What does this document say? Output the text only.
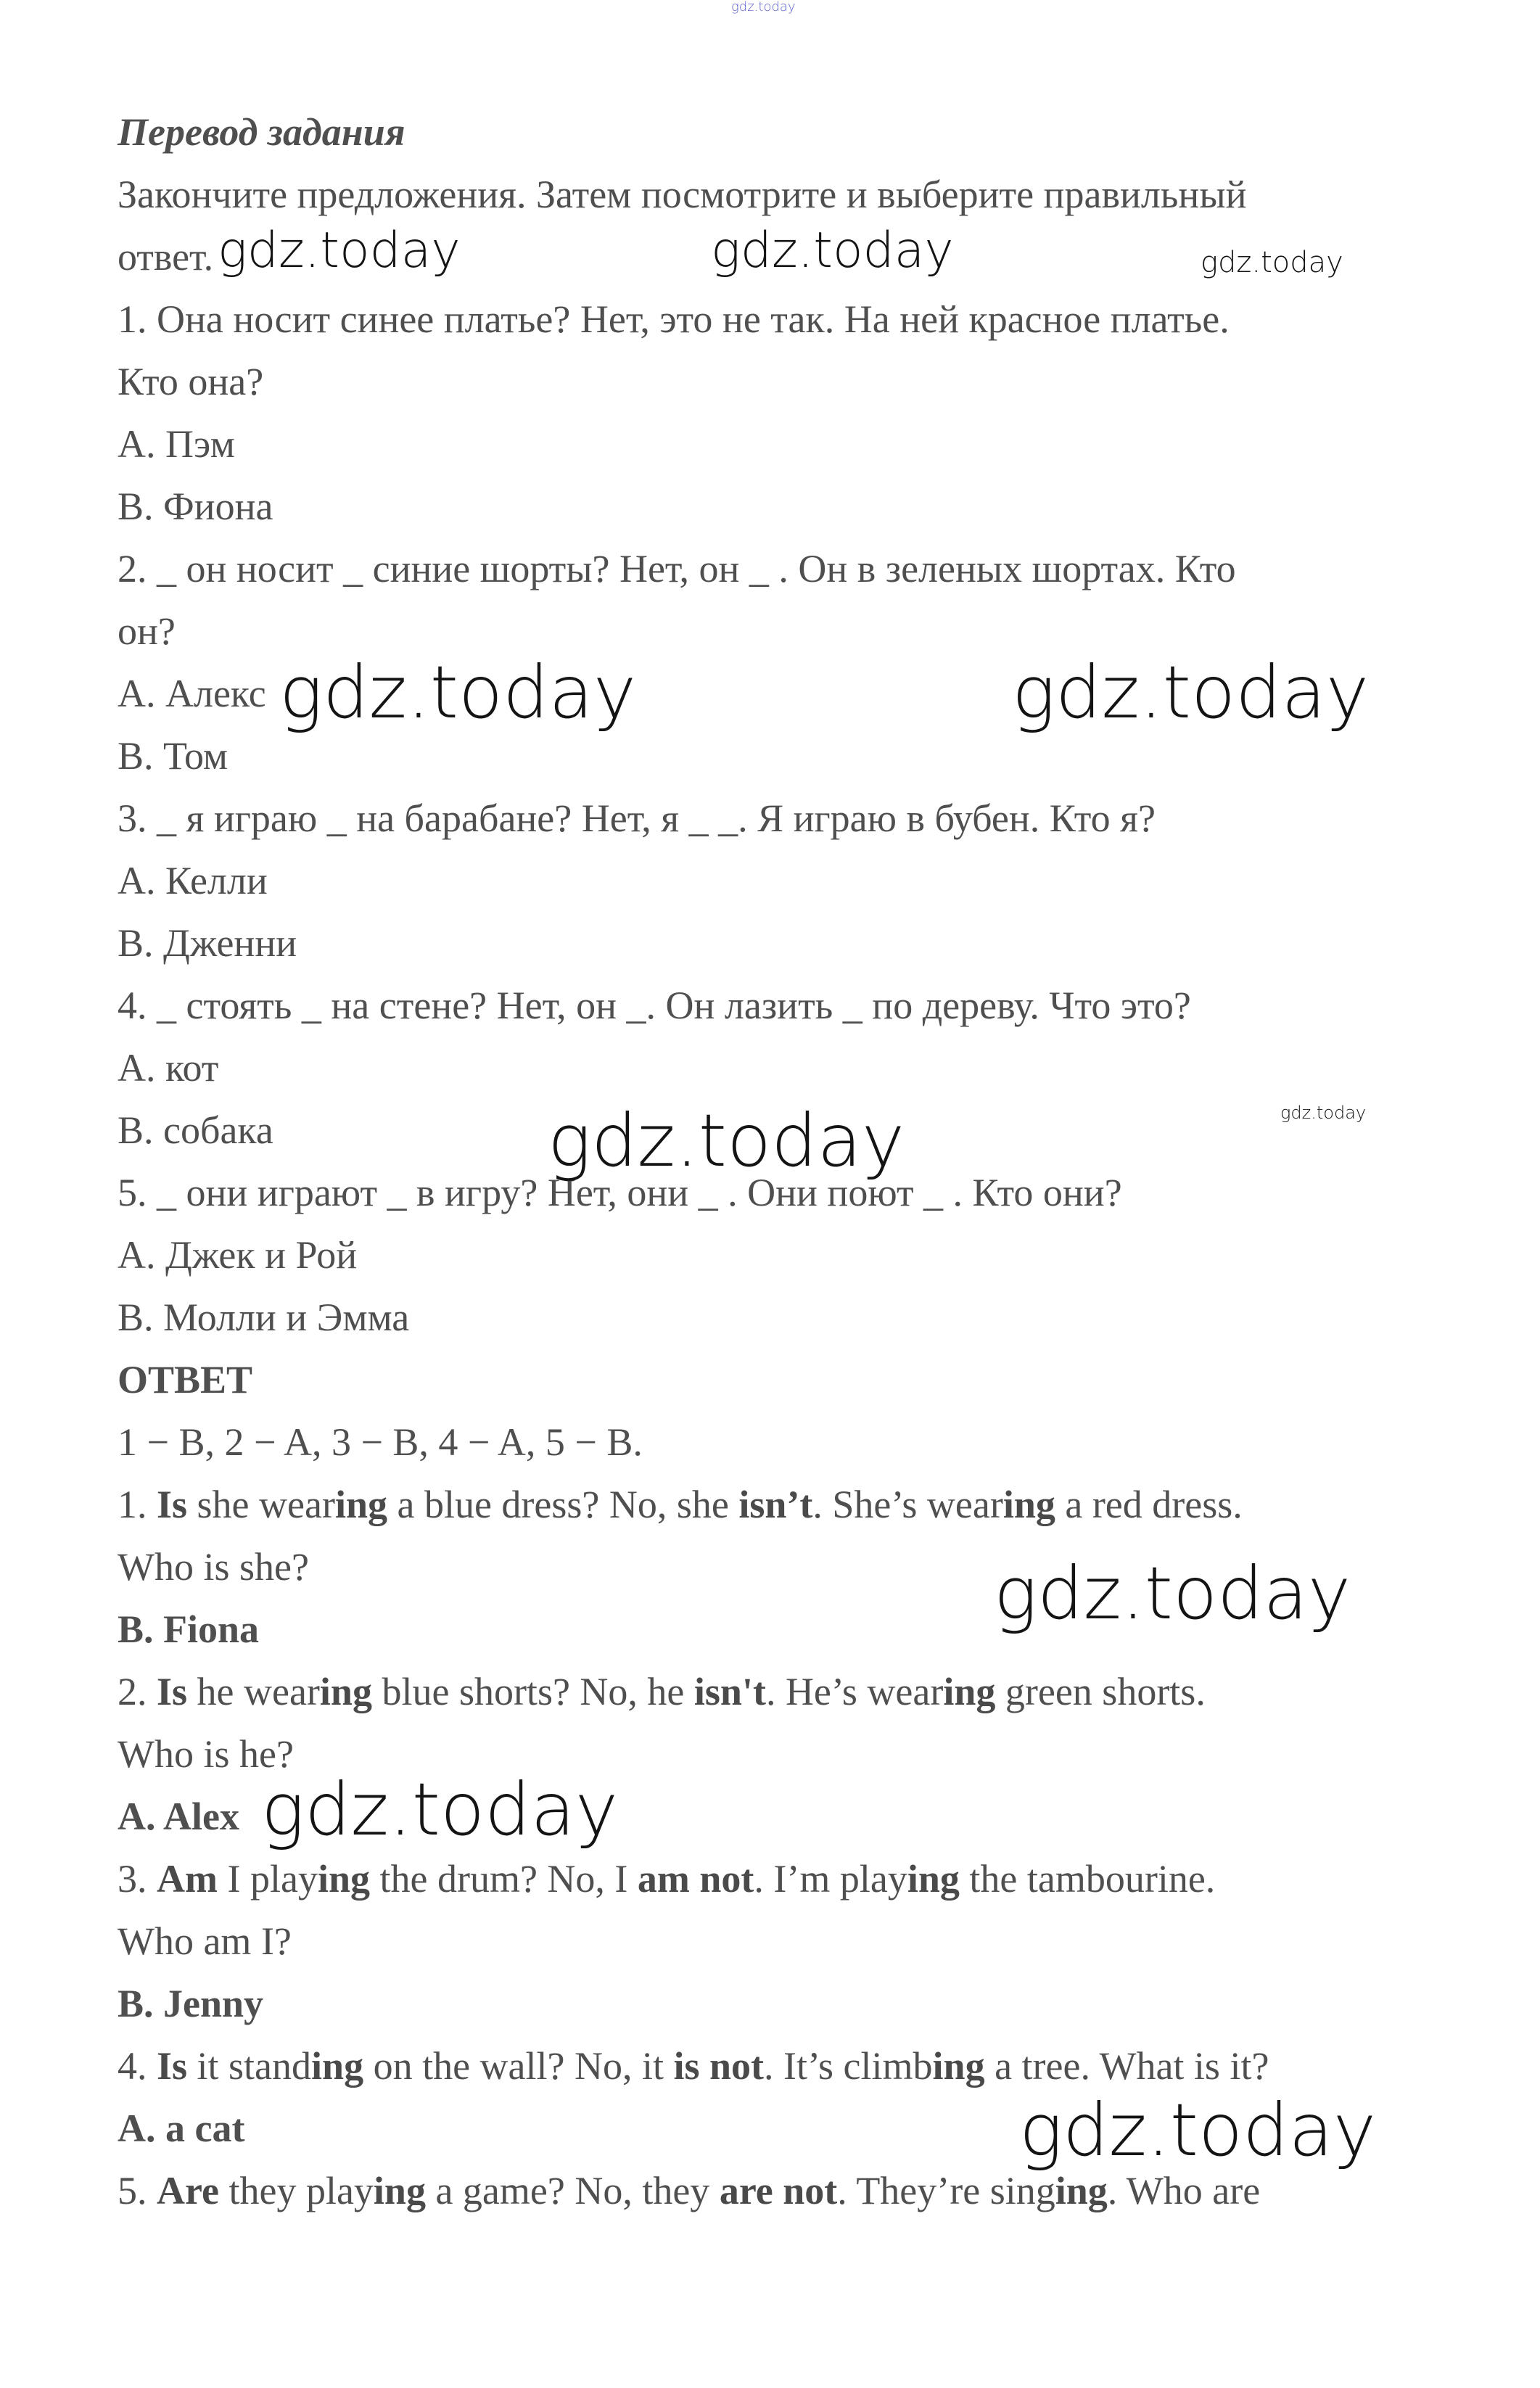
gdz.today
Перевод задания
Закончите предложения. Затем посмотрите и выберите правильный
ответ.
1. Она носит синее платье? Нет, это не так. На ней красное платье.
Кто она?
A. Пэм
B. Фиона
2. _ он носит _ синие шорты? Нет, он _ . Он в зеленых шортах. Кто
он?
A. Алекс
B. Том
3. _ я играю _ на барабане? Нет, я _ _. Я играю в бубен. Кто я?
A. Келли
B. Дженни
4. _ стоять _ на стене? Нет, он _. Он лазить _ по дереву. Что это?
A. кот
B. собака
5. _ они играют _ в игру? Нет, они _ . Они поют _ . Кто они?
A. Джек и Рой
B. Молли и Эмма
ОТВЕТ
1 − B, 2 − A, 3 − B, 4 − A, 5 − B.
1. Is she wearing a blue dress? No, she isn’t. She’s wearing a red dress.
Who is she?
B. Fiona
2. Is he wearing blue shorts? No, he isn't. He’s wearing green shorts.
Who is he?
A. Alex
3. Am I playing the drum? No, I am not. I’m playing the tambourine.
Who am I?
B. Jenny
4. Is it standing on the wall? No, it is not. It’s climbing a tree. What is it?
A. a cat
5. Are they playing a game? No, they are not. They’re singing. Who are
gdz.today	gdz.today	gdz.today
gdz.today	gdz.today
gdz.today
gdz.today
gdz.today
gdz.today
gdz.today
